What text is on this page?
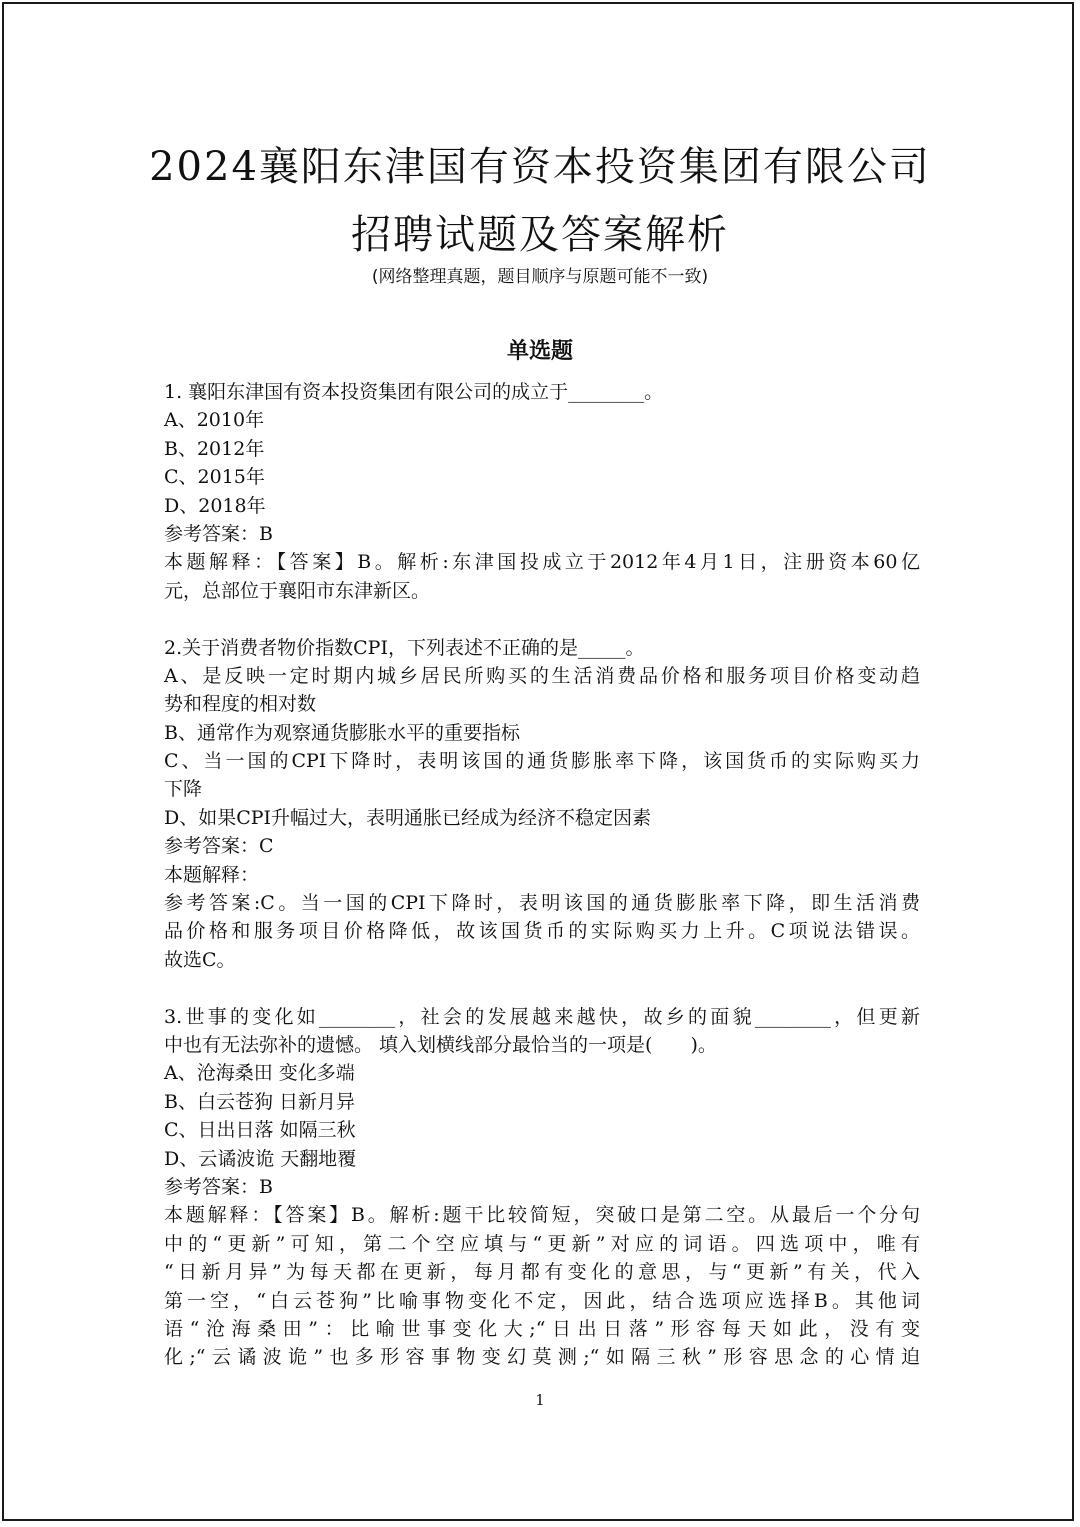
2024襄阳东津国有资本投资集团有限公司
招聘试题及答案解析
(网络整理真题，题目顺序与原题可能不一致)
单选题
1. 襄阳东津国有资本投资集团有限公司的成立于________。
A、2010年
B、2012年
C、2015年
D、2018年
参考答案：B
本题解释：【答案】B。解析:东津国投成立于2012年4月1日，注册资本60亿
元，总部位于襄阳市东津新区。
2.关于消费者物价指数CPI，下列表述不正确的是_____。
A、是反映一定时期内城乡居民所购买的生活消费品价格和服务项目价格变动趋
势和程度的相对数
B、通常作为观察通货膨胀水平的重要指标
C、当一国的CPI下降时，表明该国的通货膨胀率下降，该国货币的实际购买力
下降
D、如果CPI升幅过大，表明通胀已经成为经济不稳定因素
参考答案：C
本题解释：
参考答案:C。当一国的CPI下降时，表明该国的通货膨胀率下降，即生活消费
品价格和服务项目价格降低，故该国货币的实际购买力上升。C项说法错误。
故选C。
3.世事的变化如________，社会的发展越来越快，故乡的面貌________，但更新
中也有无法弥补的遗憾。 填入划横线部分最恰当的一项是(　　)。
A、沧海桑田 变化多端
B、白云苍狗 日新月异
C、日出日落 如隔三秋
D、云谲波诡 天翻地覆
参考答案：B
本题解释：【答案】B。解析:题干比较简短，突破口是第二空。从最后一个分句
中的“更新”可知，第二个空应填与“更新”对应的词语。四选项中，唯有
“日新月异”为每天都在更新，每月都有变化的意思，与“更新”有关，代入
第一空，“白云苍狗”比喻事物变化不定，因此，结合选项应选择B。其他词
语“沧海桑田”：比喻世事变化大;“日出日落”形容每天如此，没有变
化;“云谲波诡”也多形容事物变幻莫测;“如隔三秋”形容思念的心情迫
1
